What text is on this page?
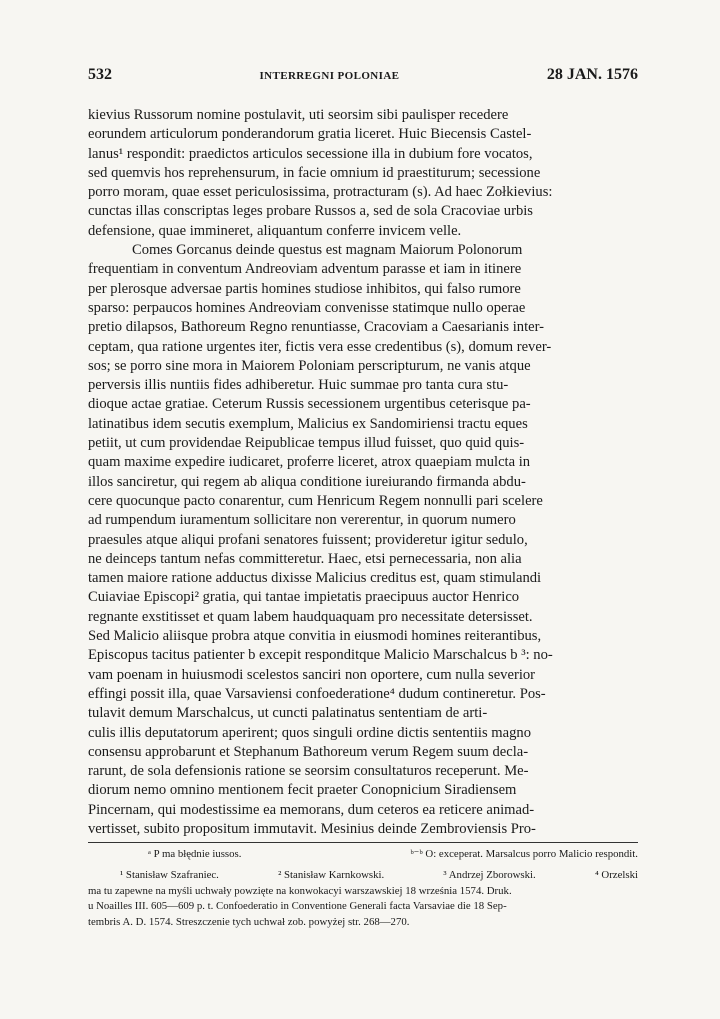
532	INTERREGNI POLONIAE	28 JAN. 1576
kievius Russorum nomine postulavit, uti seorsim sibi paulisper recedere
eorundem articulorum ponderandorum gratia liceret. Huic Biecensis Castel-
lanus¹ respondit: praedictos articulos secessione illa in dubium fore vocatos,
sed quemvis hos reprehensurum, in facie omnium id praestiturum; secessione
porro moram, quae esset periculosissima, protracturam (s). Ad haec Zołkievius:
cunctas illas conscriptas leges probare Russos a, sed de sola Cracoviae urbis
defensione, quae immineret, aliquantum conferre invicem velle.
Comes Gorcanus deinde questus est magnam Maiorum Polonorum
frequentiam in conventum Andreoviam adventum parasse et iam in itinere
per plerosque adversae partis homines studiose inhibitos, qui falso rumore
sparso: perpaucos homines Andreoviam convenisse statimque nullo operae
pretio dilapsos, Bathoreum Regno renuntiasse, Cracoviam a Caesarianis inter-
ceptam, qua ratione urgentes iter, fictis vera esse credentibus (s), domum rever-
sos; se porro sine mora in Maiorem Poloniam perscripturum, ne vanis atque
perversis illis nuntiis fides adhiberetur. Huic summae pro tanta cura stu-
dioque actae gratiae. Ceterum Russis secessionem urgentibus ceterisque pa-
latinatibus idem secutis exemplum, Malicius ex Sandomiriensi tractu eques
petiit, ut cum providendae Reipublicae tempus illud fuisset, quo quid quis-
quam maxime expedire iudicaret, proferre liceret, atrox quaepiam mulcta in
illos sanciretur, qui regem ab aliqua conditione iureiurando firmanda abdu-
cere quocunque pacto conarentur, cum Henricum Regem nonnulli pari scelere
ad rumpendum iuramentum sollicitare non vererentur, in quorum numero
praesules atque aliqui profani senatores fuissent; provideretur igitur sedulo,
ne deinceps tantum nefas committeretur. Haec, etsi pernecessaria, non alia
tamen maiore ratione adductus dixisse Malicius creditus est, quam stimulandi
Cuiaviae Episcopi² gratia, qui tantae impietatis praecipuus auctor Henrico
regnante exstitisset et quam labem haudquaquam pro necessitate detersisset.
Sed Malicio aliisque probra atque convitia in eiusmodi homines reiterantibus,
Episcopus tacitus patienter b excepit responditque Malicio Marschalcus b ³: no-
vam poenam in huiusmodi scelestos sanciri non oportere, cum nulla severior
effingi possit illa, quae Varsaviensi confoederatione⁴ dudum contineretur. Pos-
tulavit demum Marschalcus, ut cuncti palatinatus sententiam de arti-
culis illis deputatorum aperirent; quos singuli ordine dictis sententiis magno
consensu approbarunt et Stephanum Bathoreum verum Regem suum decla-
rarunt, de sola defensionis ratione se seorsim consultaturos receperunt. Me-
diorum nemo omnino mentionem fecit praeter Conopnicium Siradiensem
Pincernam, qui modestissime ea memorans, dum ceteros ea reticere animad-
vertisset, subito propositum immutavit. Mesinius deinde Zembroviensis Pro-
ᵃ P ma błędnie iussos.	ᵇ⁻ᵇ O: exceperat. Marsalcus porro Malicio respondit.
¹ Stanisław Szafraniec.	² Stanisław Karnkowski.	³ Andrzej Zborowski.	⁴ Orzelski
ma tu zapewne na myśli uchwały powzięte na konwokacyi warszawskiej 18 września 1574. Druk.
u Noailles III. 605—609 p. t. Confoederatio in Conventione Generali facta Varsaviae die 18 Sep-
tembris A. D. 1574. Streszczenie tych uchwał zob. powyżej str. 268—270.
